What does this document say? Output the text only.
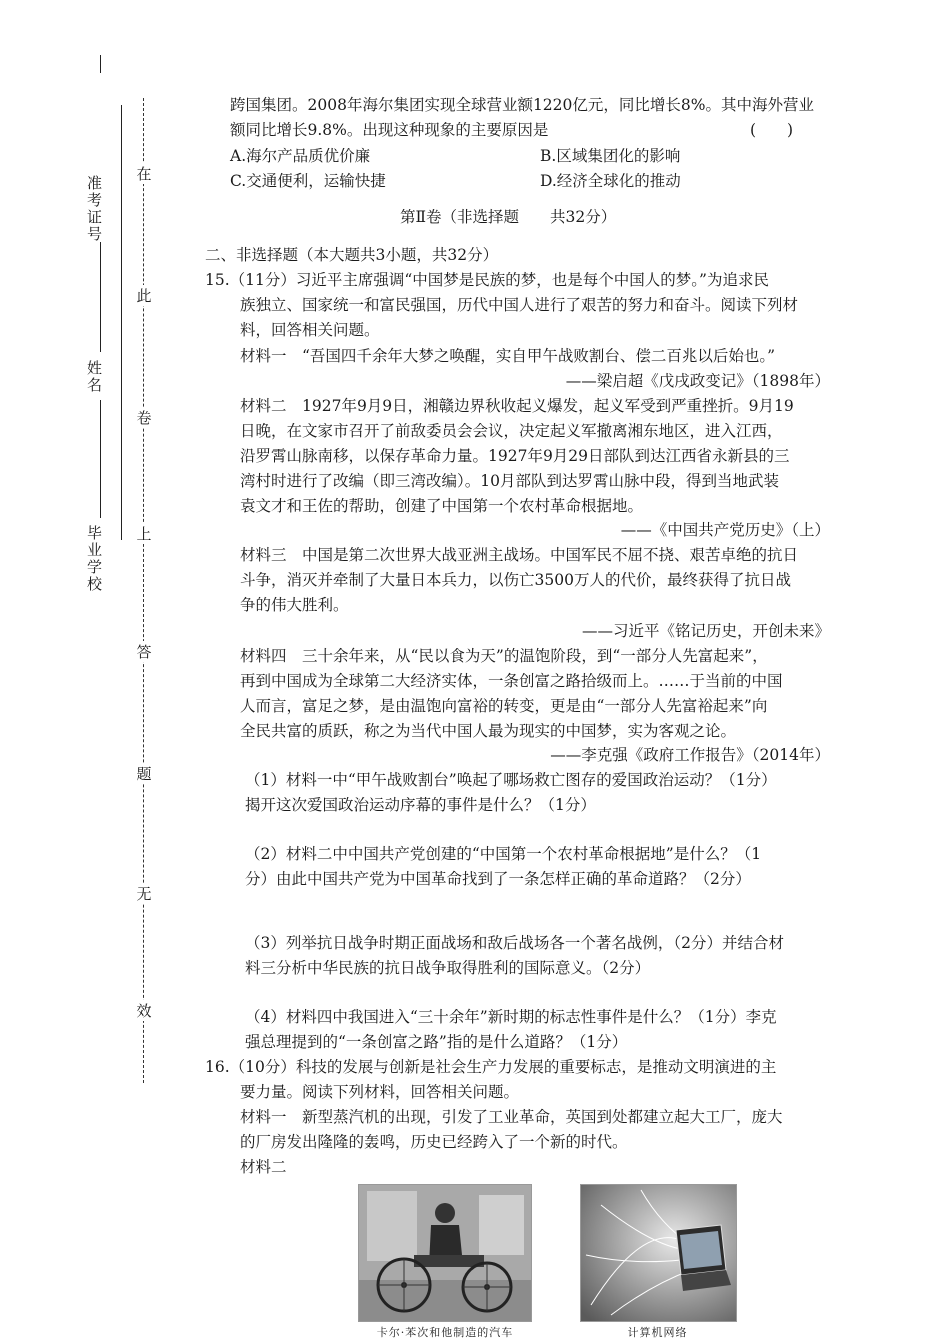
准考证号
姓名
毕业学校
在
此
卷
上
答
题
无
效
跨国集团。2008年海尔集团实现全球营业额1220亿元，同比增长8%。其中海外营业
额同比增长9.8%。出现这种现象的主要原因是	(　　)
A.海尔产品质优价廉	B.区域集团化的影响
C.交通便利，运输快捷	D.经济全球化的推动
第Ⅱ卷（非选择题　　共32分）
二、非选择题（本大题共3小题，共32分）
15.（11分）习近平主席强调“中国梦是民族的梦，也是每个中国人的梦。”为追求民
族独立、国家统一和富民强国，历代中国人进行了艰苦的努力和奋斗。阅读下列材
料，回答相关问题。
材料一　“吾国四千余年大梦之唤醒，实自甲午战败割台、偿二百兆以后始也。”
——梁启超《戊戌政变记》（1898年）
材料二　1927年9月9日，湘赣边界秋收起义爆发，起义军受到严重挫折。9月19
日晚，在文家市召开了前敌委员会会议，决定起义军撤离湘东地区，进入江西，
沿罗霄山脉南移，以保存革命力量。1927年9月29日部队到达江西省永新县的三
湾村时进行了改编（即三湾改编）。10月部队到达罗霄山脉中段，得到当地武装
袁文才和王佐的帮助，创建了中国第一个农村革命根据地。
——《中国共产党历史》（上）
材料三　中国是第二次世界大战亚洲主战场。中国军民不屈不挠、艰苦卓绝的抗日
斗争，消灭并牵制了大量日本兵力，以伤亡3500万人的代价，最终获得了抗日战
争的伟大胜利。
——习近平《铭记历史，开创未来》
材料四　三十余年来，从“民以食为天”的温饱阶段，到“一部分人先富起来”，
再到中国成为全球第二大经济实体，一条创富之路拾级而上。……于当前的中国
人而言，富足之梦，是由温饱向富裕的转变，更是由“一部分人先富裕起来”向
全民共富的质跃，称之为当代中国人最为现实的中国梦，实为客观之论。
——李克强《政府工作报告》（2014年）
（1）材料一中“甲午战败割台”唤起了哪场救亡图存的爱国政治运动？（1分）
揭开这次爱国政治运动序幕的事件是什么？（1分）
（2）材料二中中国共产党创建的“中国第一个农村革命根据地”是什么？（1
分）由此中国共产党为中国革命找到了一条怎样正确的革命道路？（2分）
（3）列举抗日战争时期正面战场和敌后战场各一个著名战例，（2分）并结合材
料三分析中华民族的抗日战争取得胜利的国际意义。（2分）
（4）材料四中我国进入“三十余年”新时期的标志性事件是什么？（1分）李克
强总理提到的“一条创富之路”指的是什么道路？（1分）
16.（10分）科技的发展与创新是社会生产力发展的重要标志，是推动文明演进的主
要力量。阅读下列材料，回答相关问题。
材料一　新型蒸汽机的出现，引发了工业革命，英国到处都建立起大工厂，庞大
的厂房发出隆隆的轰鸣，历史已经跨入了一个新的时代。
材料二
卡尔·苯次和他制造的汽车	计算机网络
